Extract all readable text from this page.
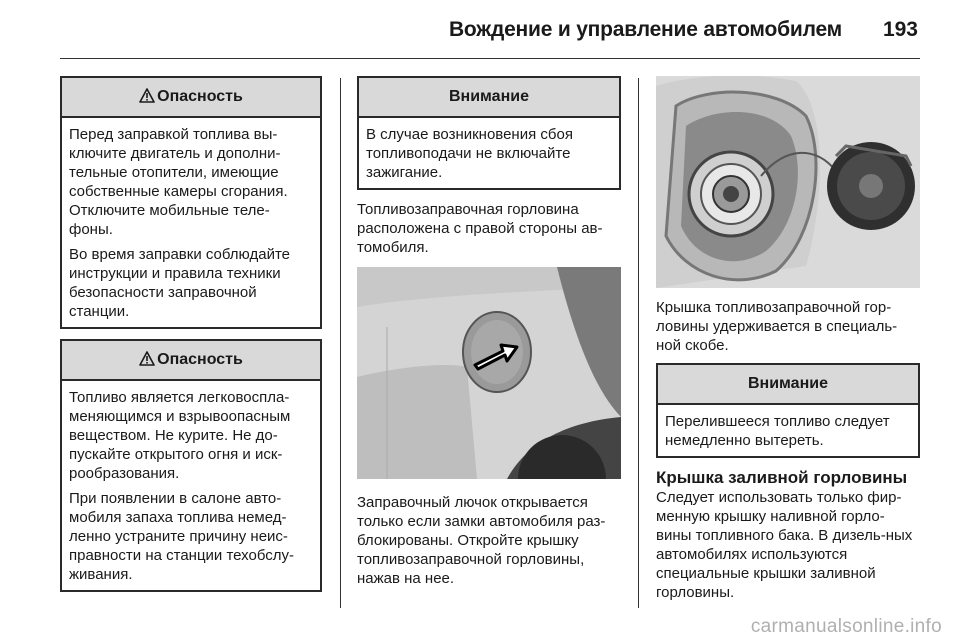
Вождение и управление автомобилем 193
Опасность

Перед заправкой топлива вы-ключите двигатель и дополни-тельные отопители, имеющие собственные камеры сгорания. Отключите мобильные теле-фоны.

Во время заправки соблюдайте инструкции и правила техники безопасности заправочной станции.

Опасность

Топливо является легковоспла-меняющимся и взрывоопасным веществом. Не курите. Не до-пускайте открытого огня и иск-рообразования.

При появлении в салоне авто-мобиля запаха топлива немед-ленно устраните причину неис-правности на станции техобслу-живания.

Внимание
В случае возникновения сбоя топливоподачи не включайте зажигание.

Топливозаправочная горловина расположена с правой стороны ав-томобиля.

Заправочный лючок открывается только если замки автомобиля раз-блокированы. Откройте крышку топливозаправочной горловины, нажав на нее.

Крышка топливозаправочной гор-ловины удерживается в специаль-ной скобе.

Внимание
Перелившееся топливо следует немедленно вытереть.
Крышка заливной горловины

Следует использовать только фир-менную крышку наливной горло-вины топливного бака. В дизель-ных автомобилях используются специальные крышки заливной горловины.

carmanualsonline.info
